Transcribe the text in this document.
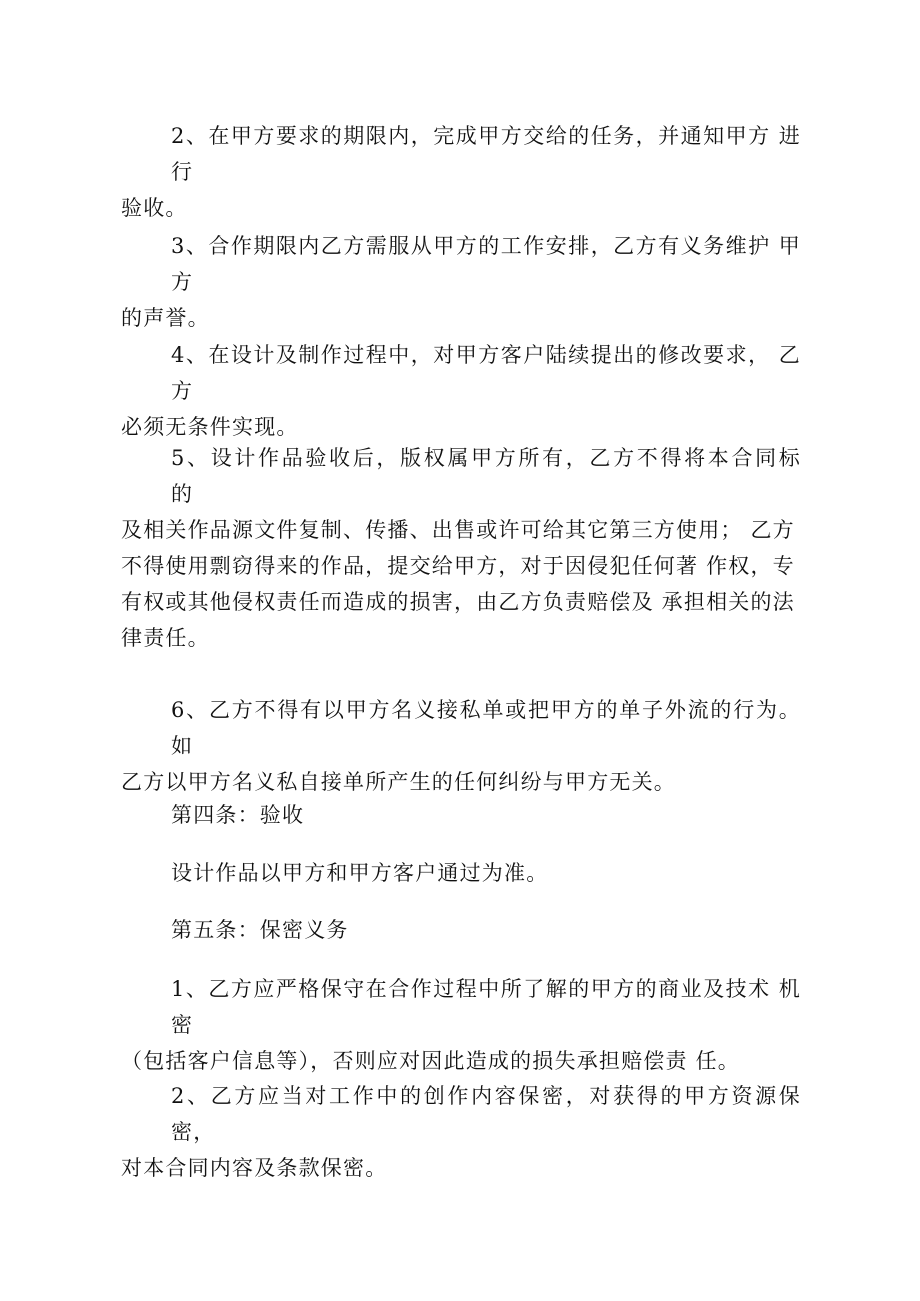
2、在甲方要求的期限内，完成甲方交给的任务，并通知甲方 进行
验收。
3、合作期限内乙方需服从甲方的工作安排，乙方有义务维护 甲方
的声誉。
4、在设计及制作过程中，对甲方客户陆续提出的修改要求， 乙方
必须无条件实现。
5、设计作品验收后，版权属甲方所有，乙方不得将本合同标　 的
及相关作品源文件复制、传播、出售或许可给其它第三方使用； 乙方
不得使用剽窃得来的作品，提交给甲方，对于因侵犯任何著 作权，专
有权或其他侵权责任而造成的损害，由乙方负责赔偿及 承担相关的法
律责任。
6、乙方不得有以甲方名义接私单或把甲方的单子外流的行为。如
乙方以甲方名义私自接单所产生的任何纠纷与甲方无关。

第四条：验收

设计作品以甲方和甲方客户通过为准。

第五条：保密义务

1、乙方应严格保守在合作过程中所了解的甲方的商业及技术 机密
（包括客户信息等），否则应对因此造成的损失承担赔偿责 任。
2、乙方应当对工作中的创作内容保密，对获得的甲方资源保　密，
对本合同内容及条款保密。
